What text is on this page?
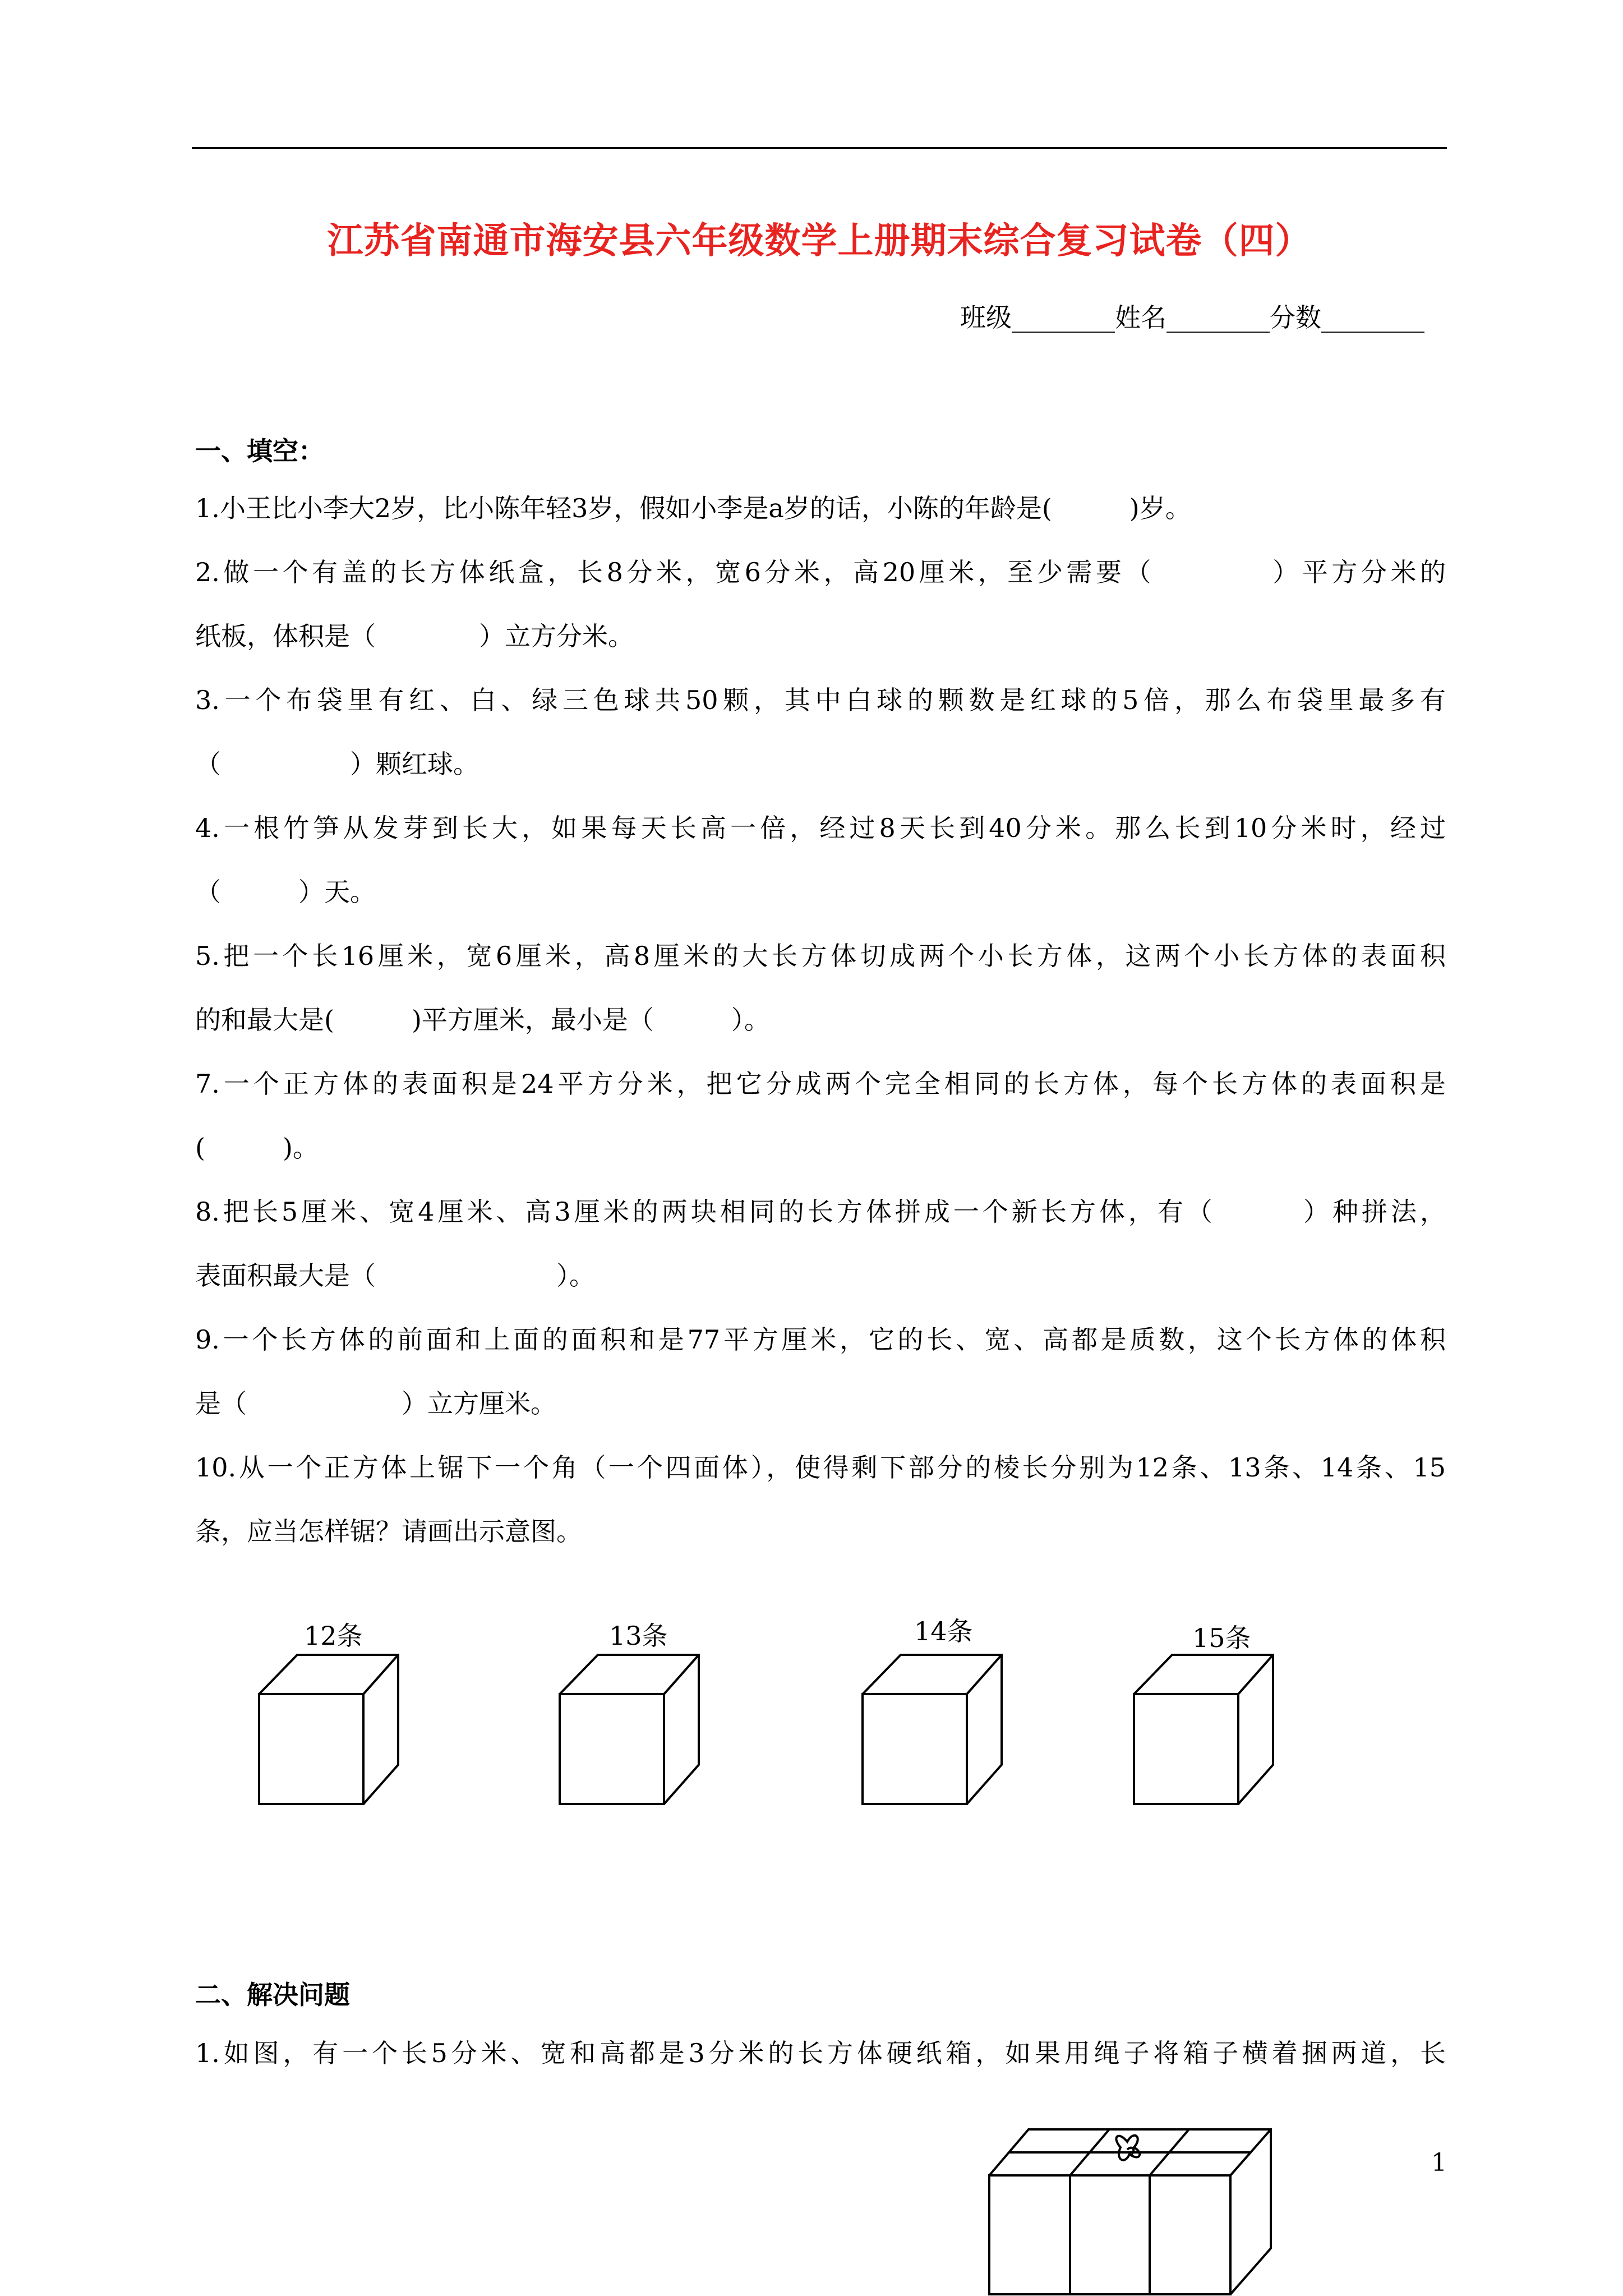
江苏省南通市海安县六年级数学上册期末综合复习试卷（四）
班级________姓名________分数________
一、填空：
1.小王比小李大2岁，比小陈年轻3岁，假如小李是a岁的话，小陈的年龄是(　　　)岁。
2.做一个有盖的长方体纸盒，长8分米，宽6分米，高20厘米，至少需要（　　　　）平方分米的
纸板，体积是（　　　　）立方分米。
3.一个布袋里有红、白、绿三色球共50颗，其中白球的颗数是红球的5倍，那么布袋里最多有
（　　　　　）颗红球。
4.一根竹笋从发芽到长大，如果每天长高一倍，经过8天长到40分米。那么长到10分米时，经过
（　　　）天。
5.把一个长16厘米，宽6厘米，高8厘米的大长方体切成两个小长方体，这两个小长方体的表面积
的和最大是(　　　)平方厘米，最小是（　　　）。
7.一个正方体的表面积是24平方分米，把它分成两个完全相同的长方体，每个长方体的表面积是
(　　　)。
8.把长5厘米、宽4厘米、高3厘米的两块相同的长方体拼成一个新长方体，有（　　　）种拼法，
表面积最大是（　　　　　　　）。
9.一个长方体的前面和上面的面积和是77平方厘米，它的长、宽、高都是质数，这个长方体的体积
是（　　　　　　）立方厘米。
10.从一个正方体上锯下一个角（一个四面体），使得剩下部分的棱长分别为12条、13条、14条、15
条，应当怎样锯？请画出示意图。
12条	13条	14条	15条
二、解决问题
1.如图，有一个长5分米、宽和高都是3分米的长方体硬纸箱，如果用绳子将箱子横着捆两道，长
1
